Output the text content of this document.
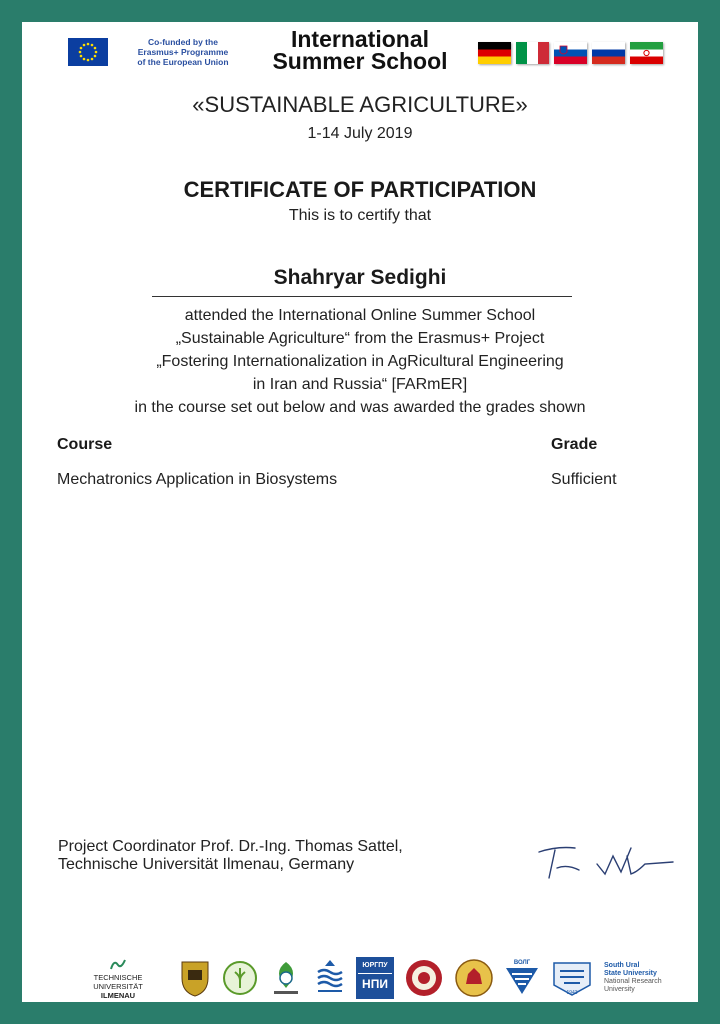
Co-funded by the
Erasmus+ Programme
of the European Union
International
Summer School
«SUSTAINABLE AGRICULTURE»
1-14 July 2019
CERTIFICATE OF PARTICIPATION
This is to certify that
Shahryar Sedighi
attended the International Online Summer School
„Sustainable Agriculture“ from the Erasmus+ Project
„Fostering Internationalization in AgRicultural Engineering
in Iran and Russia“ [FARmER]
in the course set out below and was awarded the grades shown
Course	Grade
Mechatronics Application in Biosystems	Sufficient
Project Coordinator Prof. Dr.-Ing. Thomas Sattel,
Technische Universität Ilmenau, Germany
TECHNISCHE UNIVERSITÄT
ILMENAU
ЮРГПУ
НПИ
ВОЛГ
1943
South Ural
State University
National Research
University
